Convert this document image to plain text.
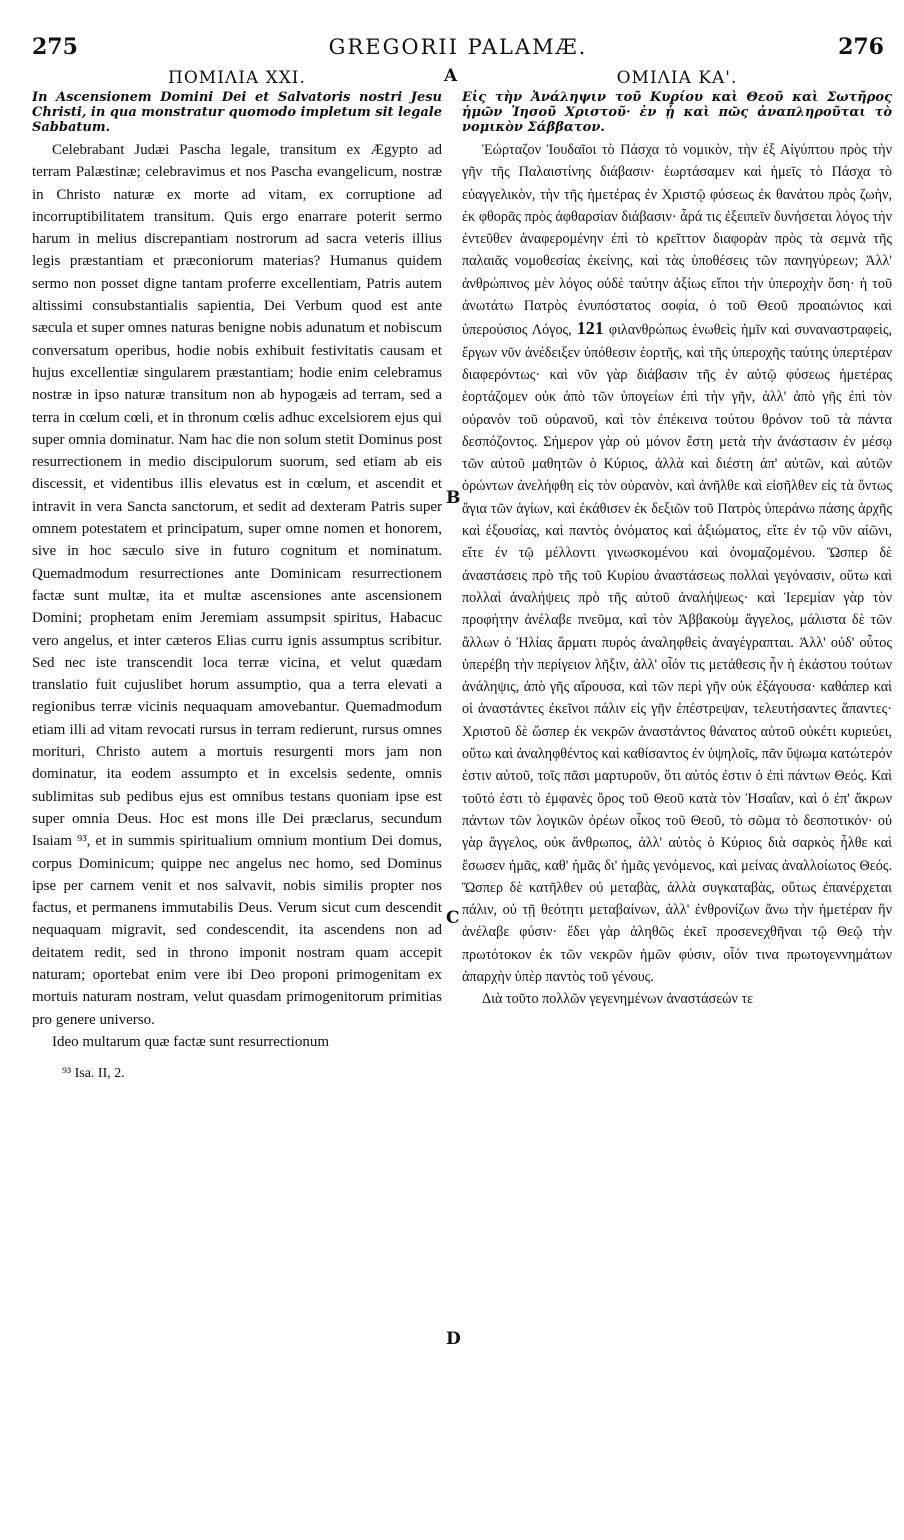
275	GREGORII PALAMÆ.	276
ΠΟΜΙΛΙΑ ΧΧΙ.

In Ascensionem Domini Dei et Salvatoris nostri Jesu Christi, in qua monstratur quomodo impletum sit legale Sabbatum.

Celebrabant Judæi Pascha legale, transitum ex Ægypto ad terram Palæstinæ; celebravimus et nos Pascha evangelicum, nostræ in Christo naturæ ex morte ad vitam, ex corruptione ad incorruptibilitatem transitum. Quis ergo enarrare poterit sermo harum in melius discrepantiam nostrorum ad sacra veteris illius legis præstantiam et præconiorum materias? Humanus quidem sermo non posset digne tantam proferre excellentiam, Patris autem altissimi consubstantialis sapientia, Dei Verbum quod est ante sæcula et super omnes naturas benigne nobis adunatum et nobiscum conversatum operibus, hodie nobis exhibuit festivitatis causam et hujus excellentiæ singularem præstantiam; hodie enim celebramus nostræ in ipso naturæ transitum non ab hypogæis ad terram, sed a terra in cœlum cœli, et in thronum cœlis adhuc excelsiorem ejus qui super omnia dominatur. Nam hac die non solum stetit Dominus post resurrectionem in medio discipulorum suorum, sed etiam ab eis discessit, et videntibus illis elevatus est in cœlum, et ascendit et intravit in vera Sancta sanctorum, et sedit ad dexteram Patris super omnem potestatem et principatum, super omne nomen et honorem, sive in hoc sæculo sive in futuro cognitum et nominatum. Quemadmodum resurrectiones ante Dominicam resurrectionem factæ sunt multæ, ita et multæ ascensiones ante ascensionem Domini; prophetam enim Jeremiam assumpsit spiritus, Habacuc vero angelus, et inter cæteros Elias curru ignis assumptus scribitur. Sed nec iste transcendit loca terræ vicina, et velut quædam translatio fuit cujuslibet horum assumptio, qua a terra elevati a regionibus terræ vicinis nequaquam amovebantur. Quemadmodum etiam illi ad vitam revocati rursus in terram redierunt, rursus omnes morituri, Christo autem a mortuis resurgenti mors jam non dominatur, ita eodem assumpto et in excelsis sedente, omnis sublimitas sub pedibus ejus est omnibus testans quoniam ipse est super omnia Deus. Hoc est mons ille Dei præclarus, secundum Isaiam ⁹³, et in summis spiritualium omnium montium Dei domus, corpus Dominicum; quippe nec angelus nec homo, sed Dominus ipse per carnem venit et nos salvavit, nobis similis propter nos factus, et permanens immutabilis Deus. Verum sicut cum descendit nequaquam migravit, sed condescendit, ita ascendens non ad deitatem redit, sed in throno imponit nostram quam accepit naturam; oportebat enim vere ibi Deo proponi primogenitam ex mortuis naturam nostram, velut quasdam primogenitorum primitias pro genere universo.

Ideo multarum quæ factæ sunt resurrectionum

⁹³ Isa. II, 2.

A
B
C
D
ΟΜΙΛΙΑ ΚΑ'.

Εἰς τὴν Ἀνάληψιν τοῦ Κυρίου καὶ Θεοῦ καὶ Σωτῆρος ἡμῶν Ἰησοῦ Χριστοῦ· ἐν ᾗ καὶ πῶς ἀναπληροῦται τὸ νομικὸν Σάββατον.

Ἑώρταζον Ἰουδαῖοι τὸ Πάσχα τὸ νομικὸν, τὴν ἐξ Αἰγύπτου πρὸς τὴν γῆν τῆς Παλαιστίνης διάβασιν· ἑωρτάσαμεν καὶ ἡμεῖς τὸ Πάσχα τὸ εὐαγγελικὸν, τὴν τῆς ἡμετέρας ἐν Χριστῷ φύσεως ἐκ θανάτου πρὸς ζωὴν, ἐκ φθορᾶς πρὸς ἀφθαρσίαν διάβασιν· ἆρά τις ἐξειπεῖν δυνήσεται λόγος τὴν ἐντεῦθεν ἀναφερομένην ἐπὶ τὸ κρεῖττον διαφορὰν πρὸς τὰ σεμνὰ τῆς παλαιᾶς νομοθεσίας ἐκείνης, καὶ τὰς ὑποθέσεις τῶν πανηγύρεων; Ἀλλ' ἀνθρώπινος μὲν λόγος οὐδὲ ταύτην ἀξίως εἴποι τὴν ὑπεροχὴν ὅση· ἡ τοῦ ἀνωτάτω Πατρὸς ἐνυπόστατος σοφία, ὁ τοῦ Θεοῦ προαιώνιος καὶ ὑπερούσιος Λόγος, 121 φιλανθρώπως ἑνωθεὶς ἡμῖν καὶ συναναστραφεὶς, ἔργων νῦν ἀνέδειξεν ὑπόθεσιν ἑορτῆς, καὶ τῆς ὑπεροχῆς ταύτης ὑπερτέραν διαφερόντως· καὶ νῦν γὰρ διάβασιν τῆς ἐν αὐτῷ φύσεως ἡμετέρας ἑορτάζομεν οὐκ ἀπὸ τῶν ὑπογείων ἐπὶ τὴν γῆν, ἀλλ' ἀπὸ γῆς ἐπὶ τὸν οὐρανὸν τοῦ οὐρανοῦ, καὶ τὸν ἐπέκεινα τούτου θρόνον τοῦ τὰ πάντα δεσπόζοντος. Σήμερον γὰρ οὐ μόνον ἔστη μετὰ τὴν ἀνάστασιν ἐν μέσῳ τῶν αὐτοῦ μαθητῶν ὁ Κύριος, ἀλλὰ καὶ διέστη ἀπ' αὐτῶν, καὶ αὐτῶν ὁρώντων ἀνελήφθη εἰς τὸν οὐρανὸν, καὶ ἀνῆλθε καὶ εἰσῆλθεν εἰς τὰ ὄντως ἅγια τῶν ἁγίων, καὶ ἐκάθισεν ἐκ δεξιῶν τοῦ Πατρὸς ὑπεράνω πάσης ἀρχῆς καὶ ἐξουσίας, καὶ παντὸς ὀνόματος καὶ ἀξιώματος, εἴτε ἐν τῷ νῦν αἰῶνι, εἴτε ἐν τῷ μέλλοντι γινωσκομένου καὶ ὀνομαζομένου. Ὥσπερ δὲ ἀναστάσεις πρὸ τῆς τοῦ Κυρίου ἀναστάσεως πολλαὶ γεγόνασιν, οὕτω καὶ πολλαὶ ἀναλήψεις πρὸ τῆς αὐτοῦ ἀναλήψεως· καὶ Ἱερεμίαν γὰρ τὸν προφήτην ἀνέλαβε πνεῦμα, καὶ τὸν Ἀββακοὺμ ἄγγελος, μάλιστα δὲ τῶν ἄλλων ὁ Ἠλίας ἅρματι πυρὸς ἀναληφθεὶς ἀναγέγραπται. Ἀλλ' οὐδ' οὗτος ὑπερέβη τὴν περίγειον λῆξιν, ἀλλ' οἷόν τις μετάθεσις ἦν ἡ ἑκάστου τούτων ἀνάληψις, ἀπὸ γῆς αἴρουσα, καὶ τῶν περὶ γῆν οὐκ ἐξάγουσα· καθάπερ καὶ οἱ ἀναστάντες ἐκεῖνοι πάλιν εἰς γῆν ἐπέστρεψαν, τελευτήσαντες ἅπαντες· Χριστοῦ δὲ ὥσπερ ἐκ νεκρῶν ἀναστάντος θάνατος αὐτοῦ οὐκέτι κυριεύει, οὕτω καὶ ἀναληφθέντος καὶ καθίσαντος ἐν ὑψηλοῖς, πᾶν ὕψωμα κατώτερόν ἐστιν αὐτοῦ, τοῖς πᾶσι μαρτυροῦν, ὅτι αὐτός ἐστιν ὁ ἐπὶ πάντων Θεός. Καὶ τοῦτό ἐστι τὸ ἐμφανὲς ὄρος τοῦ Θεοῦ κατὰ τὸν Ἠσαΐαν, καὶ ὁ ἐπ' ἄκρων πάντων τῶν λογικῶν ὀρέων οἶκος τοῦ Θεοῦ, τὸ σῶμα τὸ δεσποτικόν· οὐ γὰρ ἄγγελος, οὐκ ἄνθρωπος, ἀλλ' αὐτὸς ὁ Κύριος διὰ σαρκὸς ἦλθε καὶ ἔσωσεν ἡμᾶς, καθ' ἡμᾶς δι' ἡμᾶς γενόμενος, καὶ μείνας ἀναλλοίωτος Θεός. Ὥσπερ δὲ κατῆλθεν οὐ μεταβὰς, ἀλλὰ συγκαταβὰς, οὕτως ἐπανέρχεται πάλιν, οὐ τῇ θεότητι μεταβαίνων, ἀλλ' ἐνθρονίζων ἄνω τὴν ἡμετέραν ἣν ἀνέλαβε φύσιν· ἔδει γὰρ ἀληθῶς ἐκεῖ προσενεχθῆναι τῷ Θεῷ τὴν πρωτότοκον ἐκ τῶν νεκρῶν ἡμῶν φύσιν, οἷόν τινα πρωτογεννημάτων ἀπαρχὴν ὑπὲρ παντὸς τοῦ γένους.

Διὰ τοῦτο πολλῶν γεγενημένων ἀναστάσεών τε
